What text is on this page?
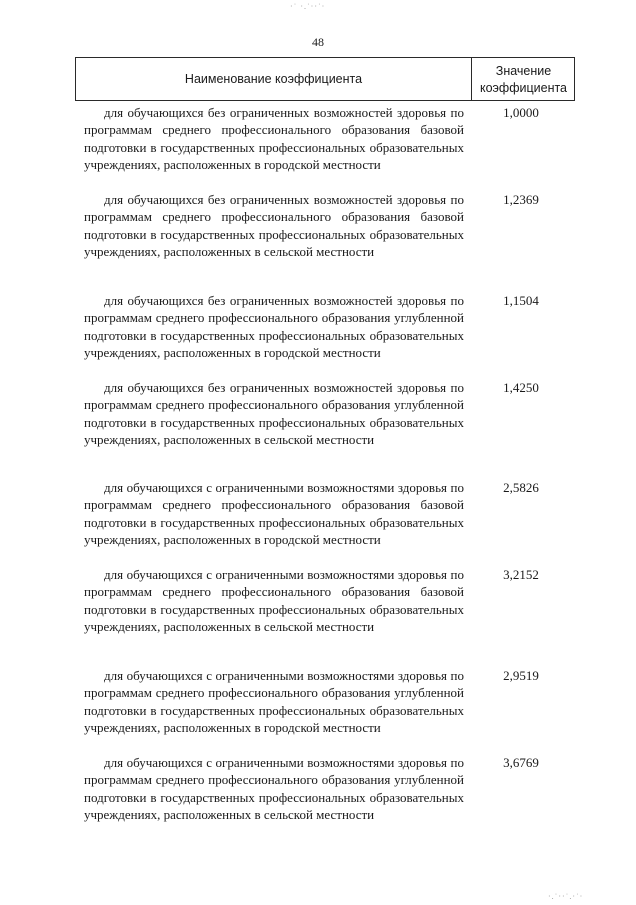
·˙ ·.˙··˙·
48
Наименование коэффициента
Значение
коэффициента
для обучающихся без ограниченных возможностей здоровья по программам среднего профессионального образования базовой подготовки в государственных профессиональных образовательных учреждениях, расположенных в городской местности
1,0000
для обучающихся без ограниченных возможностей здоровья по программам среднего профессионального образования базовой подготовки в государственных профессиональных образовательных учреждениях, расположенных в сельской местности
1,2369
для обучающихся без ограниченных возможностей здоровья по программам среднего профессионального образования углубленной подготовки в государственных профессиональных образовательных учреждениях, расположенных в городской местности
1,1504
для обучающихся без ограниченных возможностей здоровья по программам среднего профессионального образования углубленной подготовки в государственных профессиональных образовательных учреждениях, расположенных в сельской местности
1,4250
для обучающихся с ограниченными возможностями здоровья по программам среднего профессионального образования базовой подготовки в государственных профессиональных образовательных учреждениях, расположенных в городской местности
2,5826
для обучающихся с ограниченными возможностями здоровья по программам среднего профессионального образования базовой подготовки в государственных профессиональных образовательных учреждениях, расположенных в сельской местности
3,2152
для обучающихся с ограниченными возможностями здоровья по программам среднего профессионального образования углубленной подготовки в государственных профессиональных образовательных учреждениях, расположенных в городской местности
2,9519
для обучающихся с ограниченными возможностями здоровья по программам среднего профессионального образования углубленной подготовки в государственных профессиональных образовательных учреждениях, расположенных в сельской местности
3,6769
·.˙··˙.·˙·
